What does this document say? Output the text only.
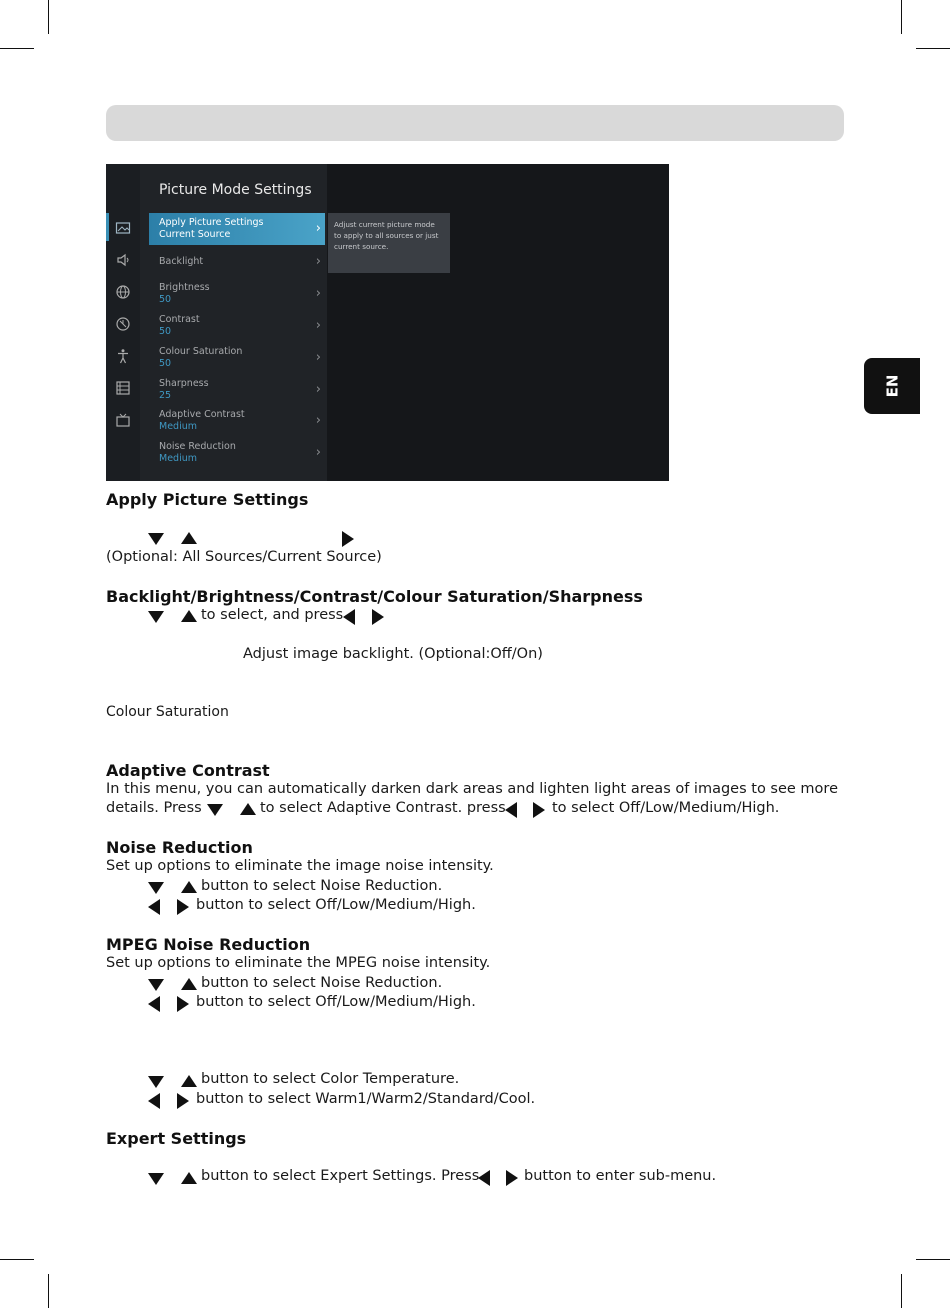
EN
Picture Mode Settings
Apply Picture Settings
Current Source	›
Backlight	›
Brightness
50	›
Contrast
50	›
Colour Saturation
50	›
Sharpness
25	›
Adaptive Contrast
Medium	›
Noise Reduction
Medium	›
Adjust current picture mode to apply to all sources or just current source.
Apply Picture Settings
(Optional: All Sources/Current Source)
Backlight/Brightness/Contrast/Colour Saturation/Sharpness
to select, and press
Adjust image backlight. (Optional:Off/On)
Colour Saturation
Adaptive Contrast
In this menu, you can automatically darken dark areas and lighten light areas of images to see more
details. Press	to select Adaptive Contrast. press	to select Off/Low/Medium/High.
Noise Reduction
Set up options to eliminate the image noise intensity.
button to select Noise Reduction.
button to select Off/Low/Medium/High.
MPEG Noise Reduction
Set up options to eliminate the MPEG noise intensity.
button to select Noise Reduction.
button to select Off/Low/Medium/High.
button to select Color Temperature.
button to select Warm1/Warm2/Standard/Cool.
Expert Settings
button to select Expert Settings. Press	button to enter sub-menu.
